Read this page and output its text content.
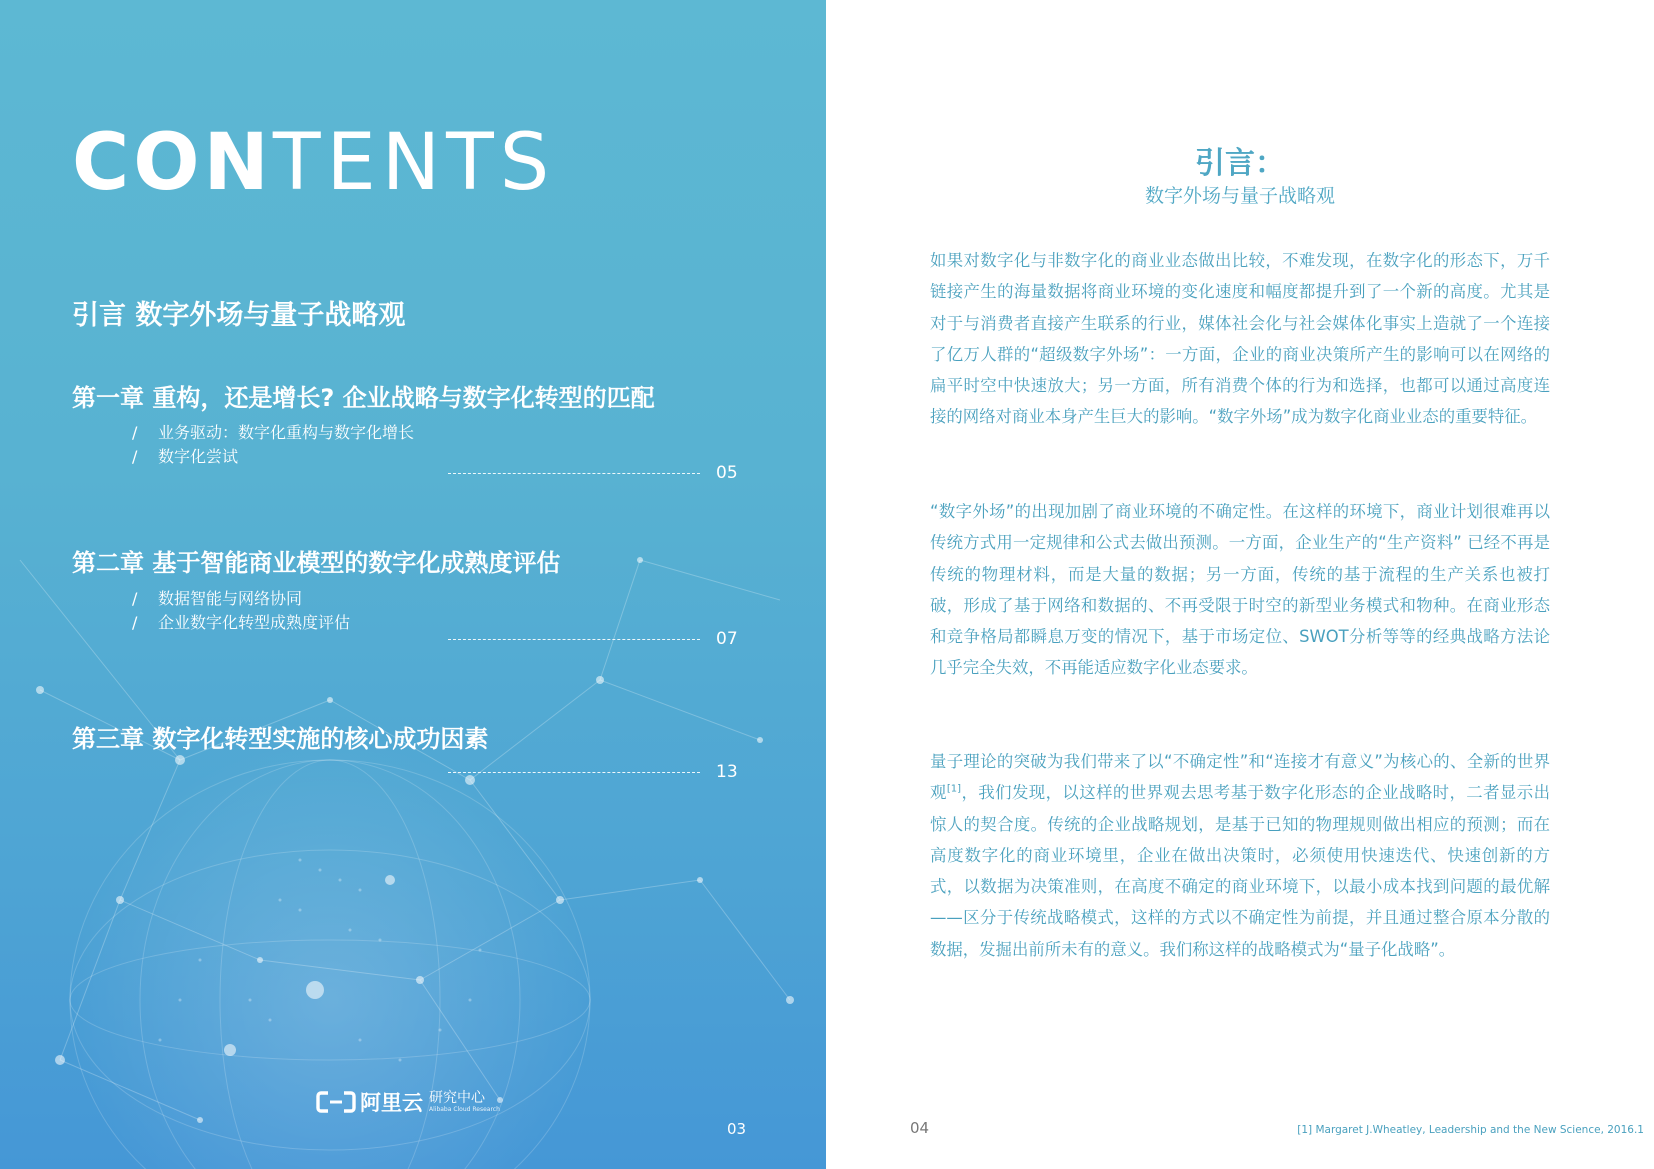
CONTENTS
引言 数字外场与量子战略观
第一章 重构，还是增长? 企业战略与数字化转型的匹配
/ 业务驱动：数字化重构与数字化增长
/ 数字化尝试
05
第二章 基于智能商业模型的数字化成熟度评估
/ 数据智能与网络协同
/ 企业数字化转型成熟度评估
07
第三章 数字化转型实施的核心成功因素
13
阿里云 研究中心
Alibaba Cloud Research
03
引言：
数字外场与量子战略观

如果对数字化与非数字化的商业业态做出比较，不难发现，在数字化的形态下，万千链接产生的海量数据将商业环境的变化速度和幅度都提升到了一个新的高度。尤其是对于与消费者直接产生联系的行业，媒体社会化与社会媒体化事实上造就了一个连接了亿万人群的“超级数字外场”：一方面，企业的商业决策所产生的影响可以在网络的扁平时空中快速放大；另一方面，所有消费个体的行为和选择，也都可以通过高度连接的网络对商业本身产生巨大的影响。“数字外场”成为数字化商业业态的重要特征。

“数字外场”的出现加剧了商业环境的不确定性。在这样的环境下，商业计划很难再以传统方式用一定规律和公式去做出预测。一方面，企业生产的“生产资料” 已经不再是传统的物理材料，而是大量的数据；另一方面，传统的基于流程的生产关系也被打破，形成了基于网络和数据的、不再受限于时空的新型业务模式和物种。在商业形态和竞争格局都瞬息万变的情况下，基于市场定位、SWOT分析等等的经典战略方法论几乎完全失效，不再能适应数字化业态要求。

量子理论的突破为我们带来了以“不确定性”和“连接才有意义”为核心的、全新的世界观[1]，我们发现，以这样的世界观去思考基于数字化形态的企业战略时，二者显示出惊人的契合度。传统的企业战略规划，是基于已知的物理规则做出相应的预测；而在高度数字化的商业环境里，企业在做出决策时，必须使用快速迭代、快速创新的方式，以数据为决策准则，在高度不确定的商业环境下，以最小成本找到问题的最优解——区分于传统战略模式，这样的方式以不确定性为前提，并且通过整合原本分散的数据，发掘出前所未有的意义。我们称这样的战略模式为“量子化战略”。

04	[1] Margaret J.Wheatley, Leadership and the New Science, 2016.1
